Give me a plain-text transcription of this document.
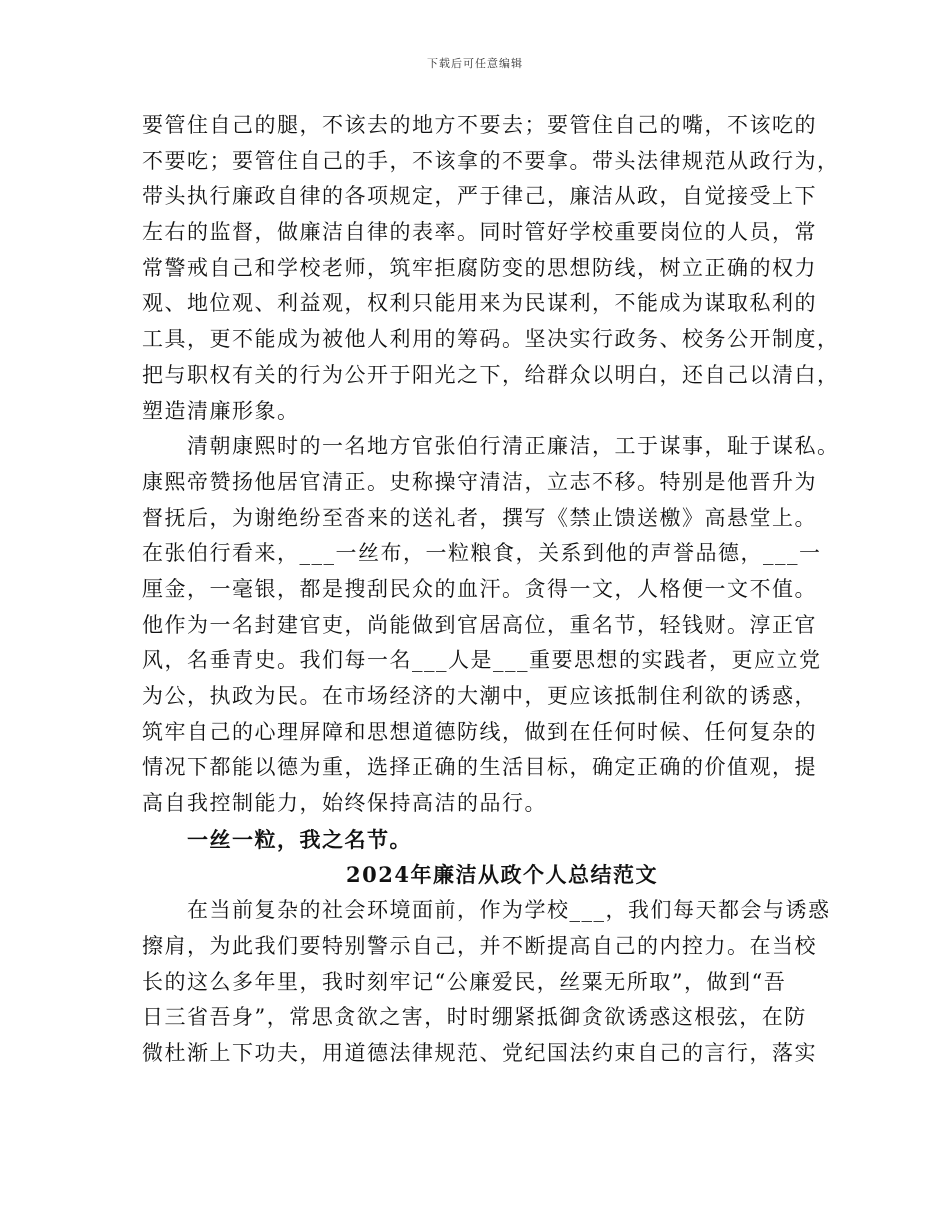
下载后可任意编辑
要管住自己的腿，不该去的地方不要去；要管住自己的嘴，不该吃的
不要吃；要管住自己的手，不该拿的不要拿。带头法律规范从政行为，
带头执行廉政自律的各项规定，严于律己，廉洁从政，自觉接受上下
左右的监督，做廉洁自律的表率。同时管好学校重要岗位的人员，常
常警戒自己和学校老师，筑牢拒腐防变的思想防线，树立正确的权力
观、地位观、利益观，权利只能用来为民谋利，不能成为谋取私利的
工具，更不能成为被他人利用的筹码。坚决实行政务、校务公开制度，
把与职权有关的行为公开于阳光之下，给群众以明白，还自己以清白，
塑造清廉形象。
清朝康熙时的一名地方官张伯行清正廉洁，工于谋事，耻于谋私。
康熙帝赞扬他居官清正。史称操守清洁，立志不移。特别是他晋升为
督抚后，为谢绝纷至沓来的送礼者，撰写《禁止馈送檄》高悬堂上。
在张伯行看来，___一丝布，一粒粮食，关系到他的声誉品德，___一
厘金，一毫银，都是搜刮民众的血汗。贪得一文，人格便一文不值。
他作为一名封建官吏，尚能做到官居高位，重名节，轻钱财。淳正官
风，名垂青史。我们每一名___人是___重要思想的实践者，更应立党
为公，执政为民。在市场经济的大潮中，更应该抵制住利欲的诱惑，
筑牢自己的心理屏障和思想道德防线，做到在任何时候、任何复杂的
情况下都能以德为重，选择正确的生活目标，确定正确的价值观，提
高自我控制能力，始终保持高洁的品行。
一丝一粒，我之名节。
2024年廉洁从政个人总结范文
在当前复杂的社会环境面前，作为学校___，我们每天都会与诱惑
擦肩，为此我们要特别警示自己，并不断提高自己的内控力。在当校
长的这么多年里，我时刻牢记“公廉爱民，丝粟无所取”，做到“吾
日三省吾身”，常思贪欲之害，时时绷紧抵御贪欲诱惑这根弦，在防
微杜渐上下功夫，用道德法律规范、党纪国法约束自己的言行，落实
